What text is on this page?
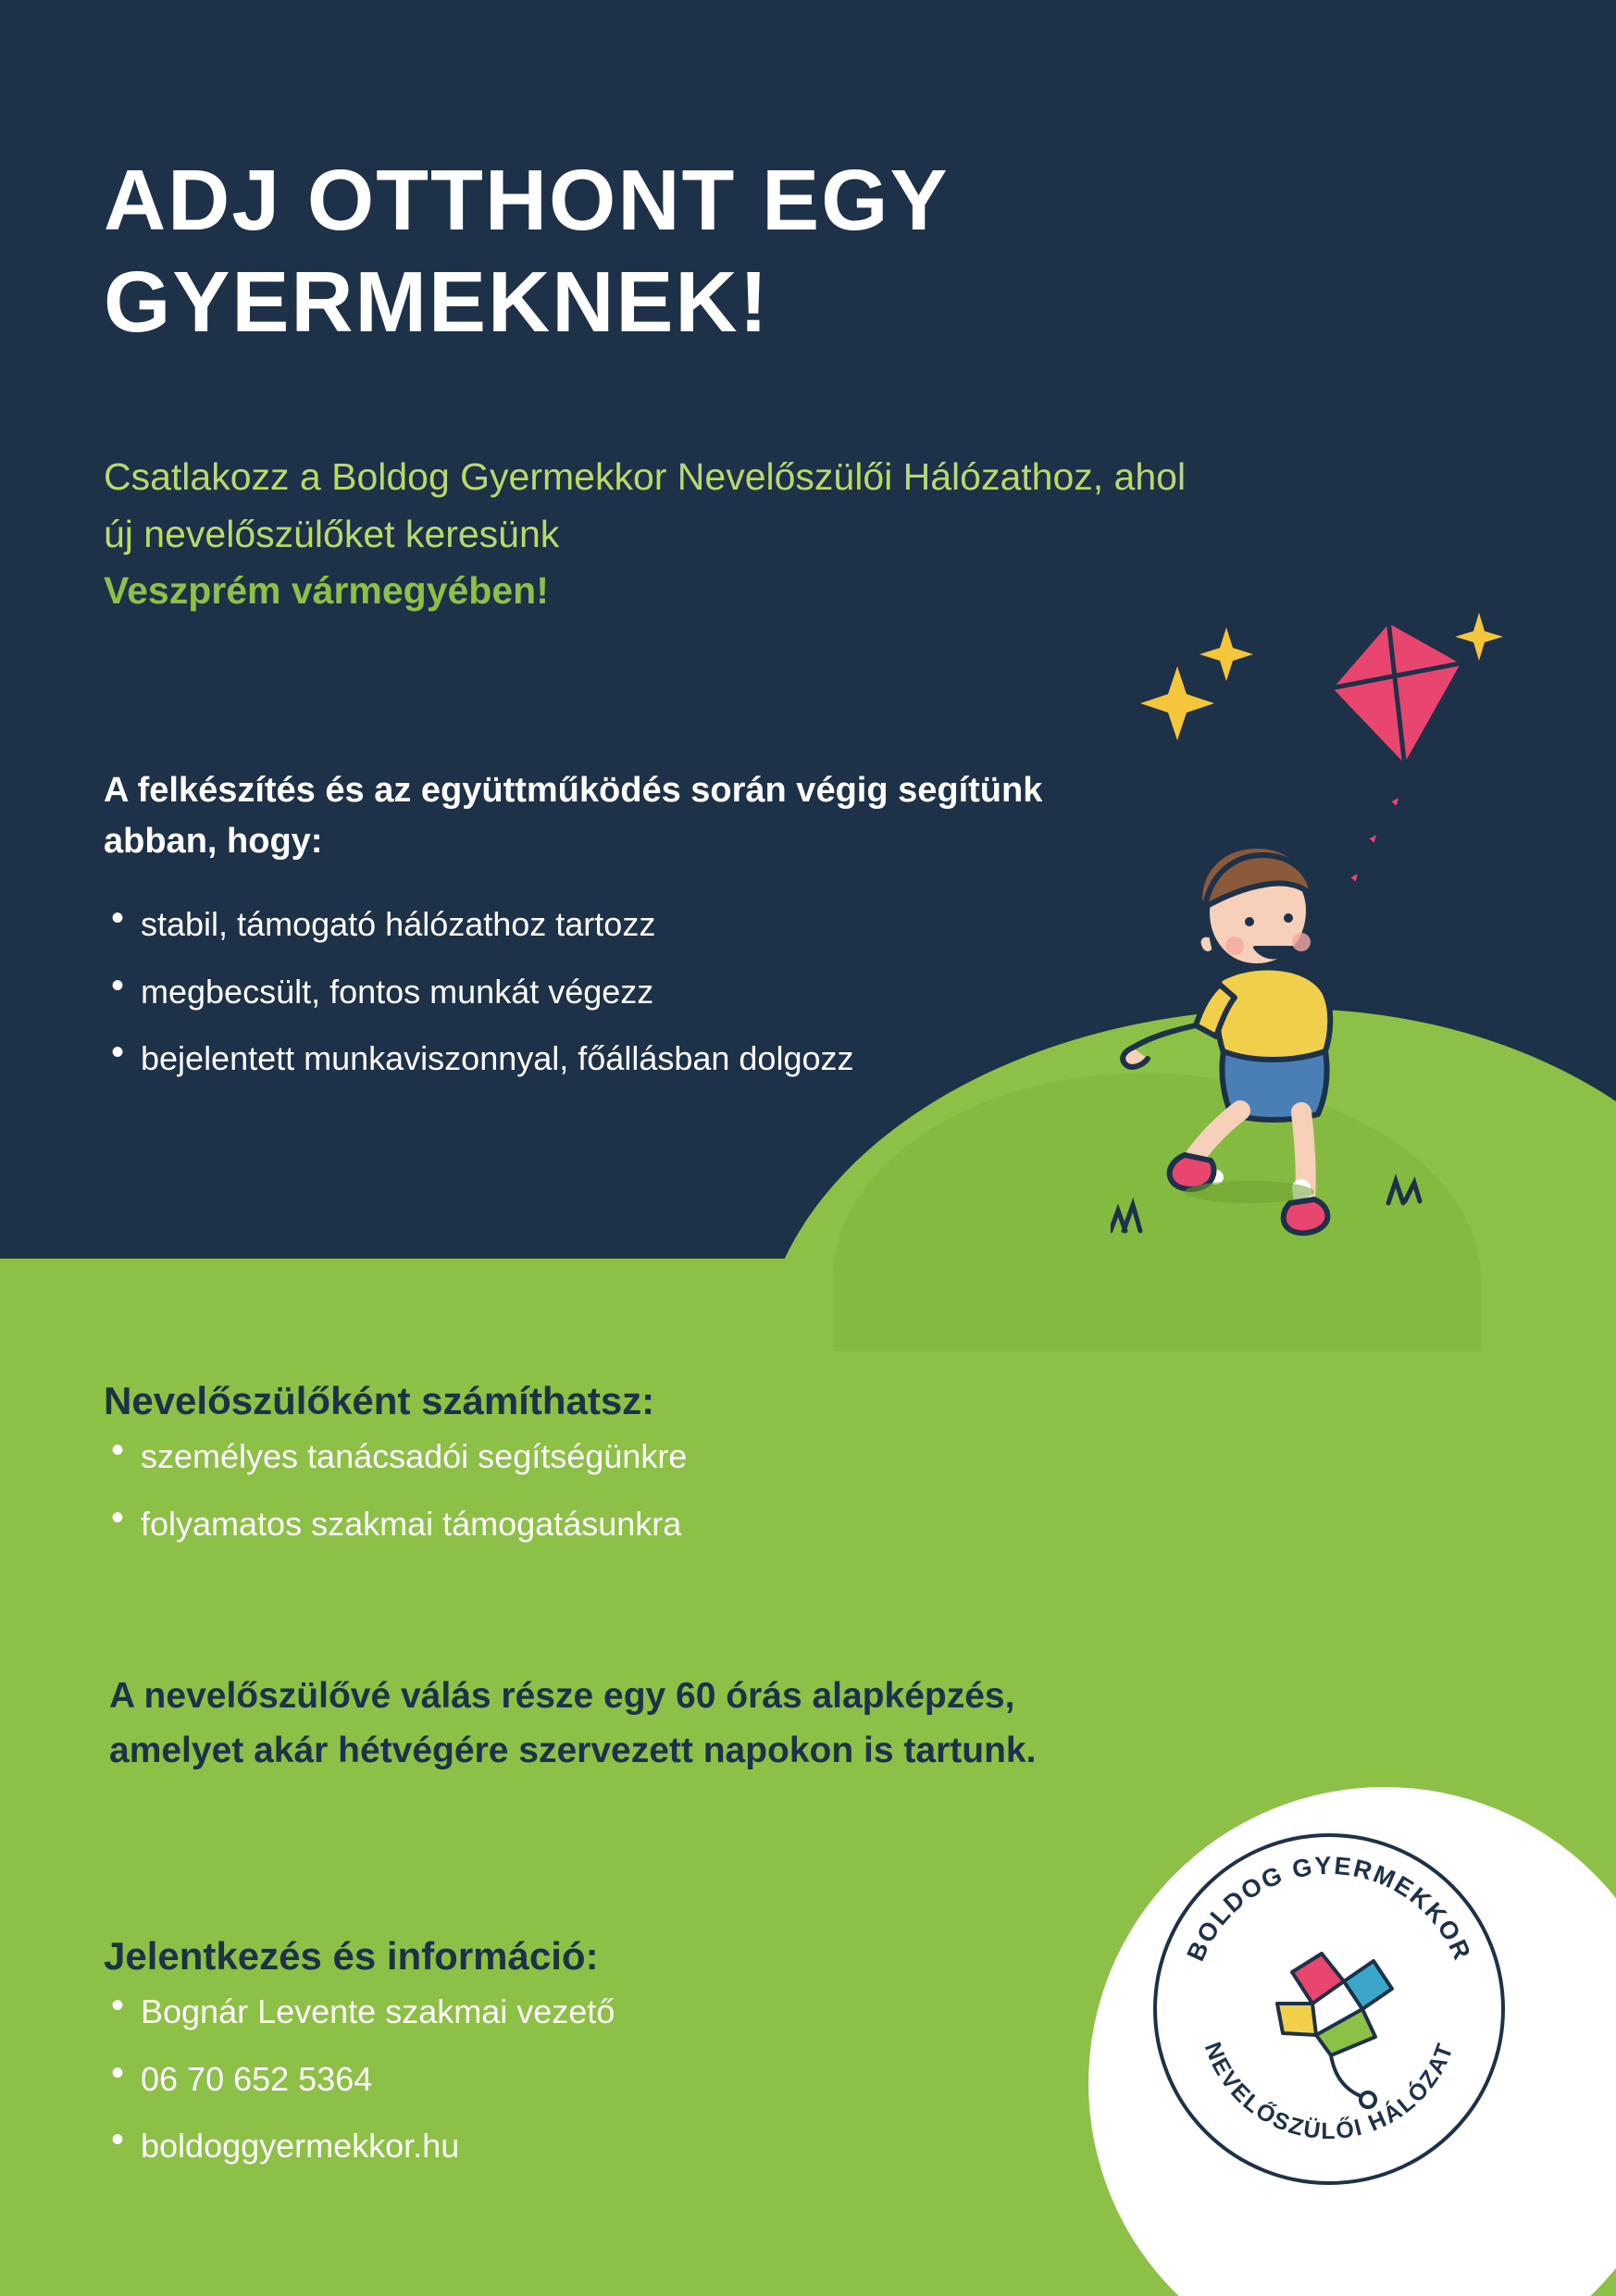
ADJ OTTHONT EGY GYERMEKNEK!
Csatlakozz a Boldog Gyermekkor Nevelőszülői Hálózathoz, ahol új nevelőszülőket keresünk
Veszprém vármegyében!
A felkészítés és az együttműködés során végig segítünk abban, hogy:
• stabil, támogató hálózathoz tartozz
• megbecsült, fontos munkát végezz
• bejelentett munkaviszonnyal, főállásban dolgozz
Nevelőszülőként számíthatsz:
• személyes tanácsadói segítségünkre
• folyamatos szakmai támogatásunkra

A nevelőszülővé válás része egy 60 órás alapképzés, amelyet akár hétvégére szervezett napokon is tartunk.

Jelentkezés és információ:
• Bognár Levente szakmai vezető
• 06 70 652 5364
• boldoggyermekkor.hu
BOLDOG GYERMEKKOR
NEVELŐSZÜLŐI HÁLÓZAT
